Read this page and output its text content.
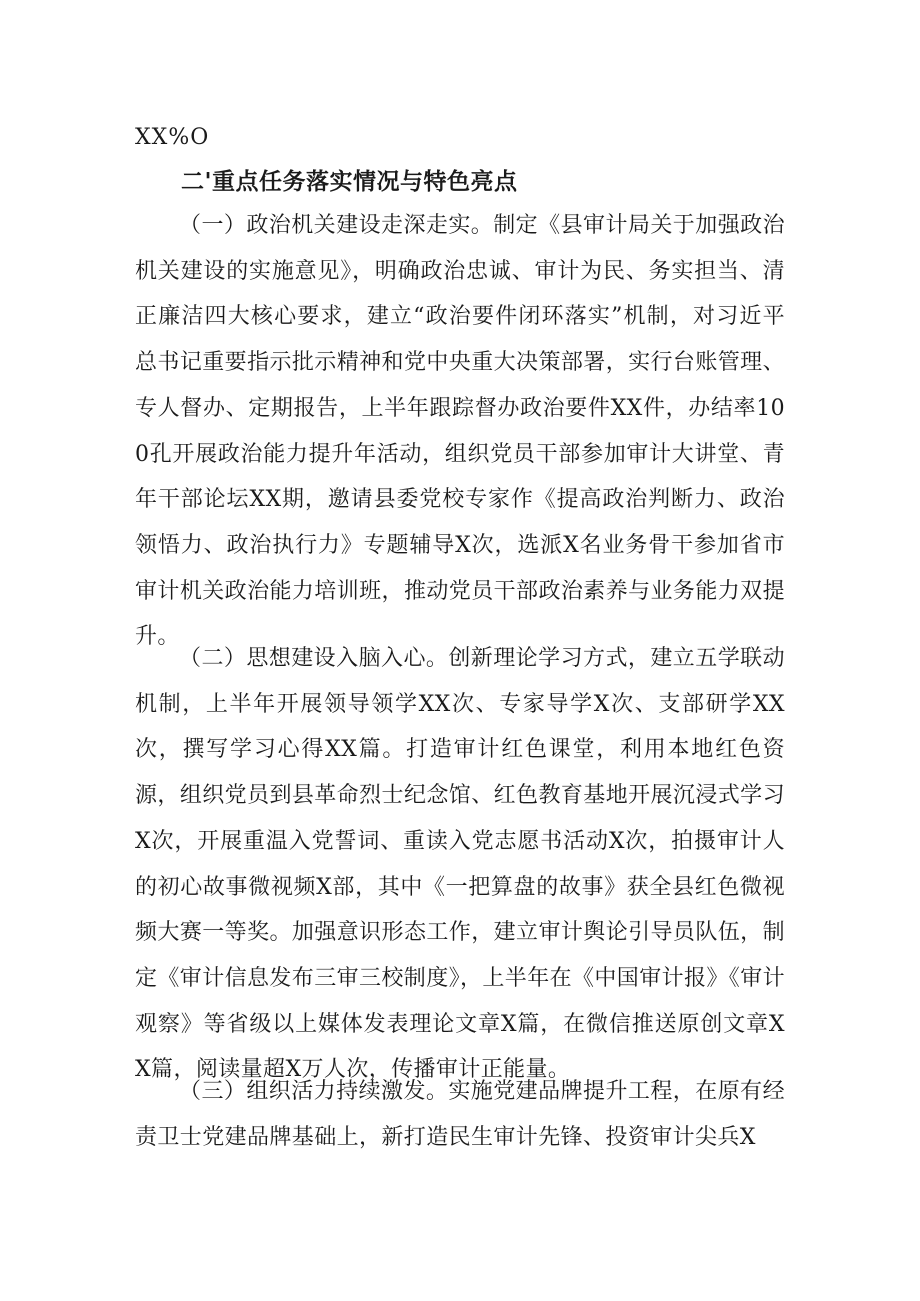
XX%O

二'重点任务落实情况与特色亮点

（一）政治机关建设走深走实。制定《县审计局关于加强政治机关建设的实施意见》，明确政治忠诚、审计为民、务实担当、清正廉洁四大核心要求，建立“政治要件闭环落实”机制，对习近平总书记重要指示批示精神和党中央重大决策部署，实行台账管理、专人督办、定期报告，上半年跟踪督办政治要件XX件，办结率100孔开展政治能力提升年活动，组织党员干部参加审计大讲堂、青年干部论坛XX期，邀请县委党校专家作《提高政治判断力、政治领悟力、政治执行力》专题辅导X次，选派X名业务骨干参加省市审计机关政治能力培训班，推动党员干部政治素养与业务能力双提升。

（二）思想建设入脑入心。创新理论学习方式，建立五学联动机制，上半年开展领导领学XX次、专家导学X次、支部研学XX次，撰写学习心得XX篇。打造审计红色课堂，利用本地红色资源，组织党员到县革命烈士纪念馆、红色教育基地开展沉浸式学习X次，开展重温入党誓词、重读入党志愿书活动X次，拍摄审计人的初心故事微视频X部，其中《一把算盘的故事》获全县红色微视频大赛一等奖。加强意识形态工作，建立审计舆论引导员队伍，制定《审计信息发布三审三校制度》，上半年在《中国审计报》《审计观察》等省级以上媒体发表理论文章X篇，在微信推送原创文章XX篇，阅读量超X万人次，传播审计正能量。

（三）组织活力持续激发。实施党建品牌提升工程，在原有经责卫士党建品牌基础上，新打造民生审计先锋、投资审计尖兵X
